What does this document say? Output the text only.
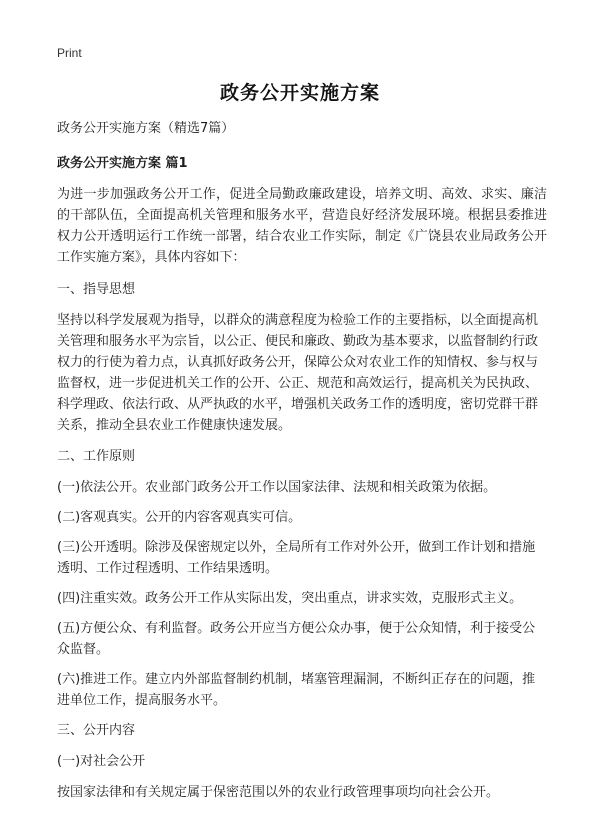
Print
政务公开实施方案

政务公开实施方案（精选7篇）

政务公开实施方案 篇1

为进一步加强政务公开工作，促进全局勤政廉政建设，培养文明、高效、求实、廉洁的干部队伍，全面提高机关管理和服务水平，营造良好经济发展环境。根据县委推进权力公开透明运行工作统一部署，结合农业工作实际，制定《广饶县农业局政务公开工作实施方案》，具体内容如下：

一、指导思想

坚持以科学发展观为指导，以群众的满意程度为检验工作的主要指标，以全面提高机关管理和服务水平为宗旨，以公正、便民和廉政、勤政为基本要求，以监督制约行政权力的行使为着力点，认真抓好政务公开，保障公众对农业工作的知情权、参与权与监督权，进一步促进机关工作的公开、公正、规范和高效运行，提高机关为民执政、科学理政、依法行政、从严执政的水平，增强机关政务工作的透明度，密切党群干群关系，推动全县农业工作健康快速发展。

二、工作原则

(一)依法公开。农业部门政务公开工作以国家法律、法规和相关政策为依据。

(二)客观真实。公开的内容客观真实可信。

(三)公开透明。除涉及保密规定以外，全局所有工作对外公开，做到工作计划和措施透明、工作过程透明、工作结果透明。

(四)注重实效。政务公开工作从实际出发，突出重点，讲求实效，克服形式主义。

(五)方便公众、有利监督。政务公开应当方便公众办事，便于公众知情，利于接受公众监督。

(六)推进工作。建立内外部监督制约机制，堵塞管理漏洞，不断纠正存在的问题，推进单位工作，提高服务水平。

三、公开内容

(一)对社会公开

按国家法律和有关规定属于保密范围以外的农业行政管理事项均向社会公开。
